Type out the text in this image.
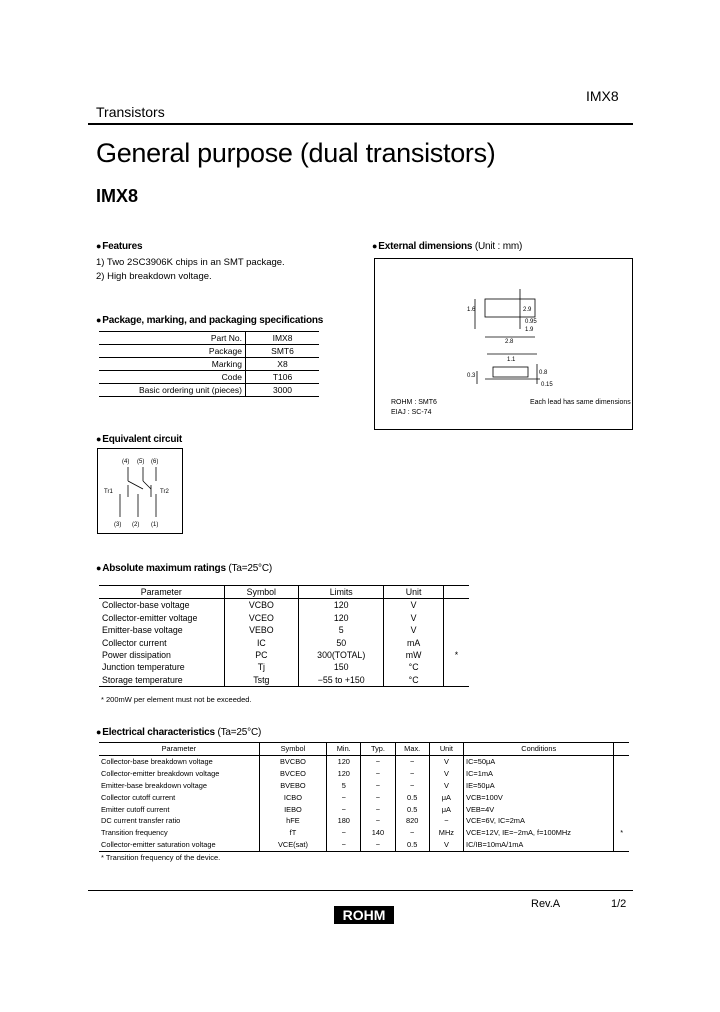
Transistors
IMX8
General purpose (dual transistors)
IMX8
●Features
1) Two 2SC3906K chips in an SMT package.
2) High breakdown voltage.
●Package, marking, and packaging specifications
Part No.	IMX8
Package	SMT6
Marking	X8
Code	T106
Basic ordering unit (pieces)	3000
●External dimensions (Unit : mm)
1.6	2.9
2.8
1.1
0.3	0.8
0.15
0.95
1.9
ROHM : SMT6
EIAJ : SC-74
Each lead has same dimensions
●Equivalent circuit
(4) (5) (6)
(3) (2) (1)
Tr1	Tr2
●Absolute maximum ratings (Ta=25°C)
Parameter	Symbol	Limits	Unit	
Collector-base voltage	VCBO	120	V	
Collector-emitter voltage	VCEO	120	V	
Emitter-base voltage	VEBO	5	V	
Collector current	IC	50	mA	
Power dissipation	PC	300(TOTAL)	mW	*
Junction temperature	Tj	150	°C	
Storage temperature	Tstg	−55 to +150	°C	
* 200mW per element must not be exceeded.
●Electrical characteristics (Ta=25°C)
Parameter	Symbol	Min.	Typ.	Max.	Unit	Conditions	
Collector-base breakdown voltage	BVCBO	120	−	−	V	IC=50μA	
Collector-emitter breakdown voltage	BVCEO	120	−	−	V	IC=1mA	
Emitter-base breakdown voltage	BVEBO	5	−	−	V	IE=50μA	
Collector cutoff current	ICBO	−	−	0.5	μA	VCB=100V	
Emitter cutoff current	IEBO	−	−	0.5	μA	VEB=4V	
DC current transfer ratio	hFE	180	−	820	−	VCE=6V, IC=2mA	
Transition frequency	fT	−	140	−	MHz	VCE=12V, IE=−2mA, f=100MHz	*
Collector-emitter saturation voltage	VCE(sat)	−	−	0.5	V	IC/IB=10mA/1mA	
* Transition frequency of the device.
Rev.A	1/2
ROHM
